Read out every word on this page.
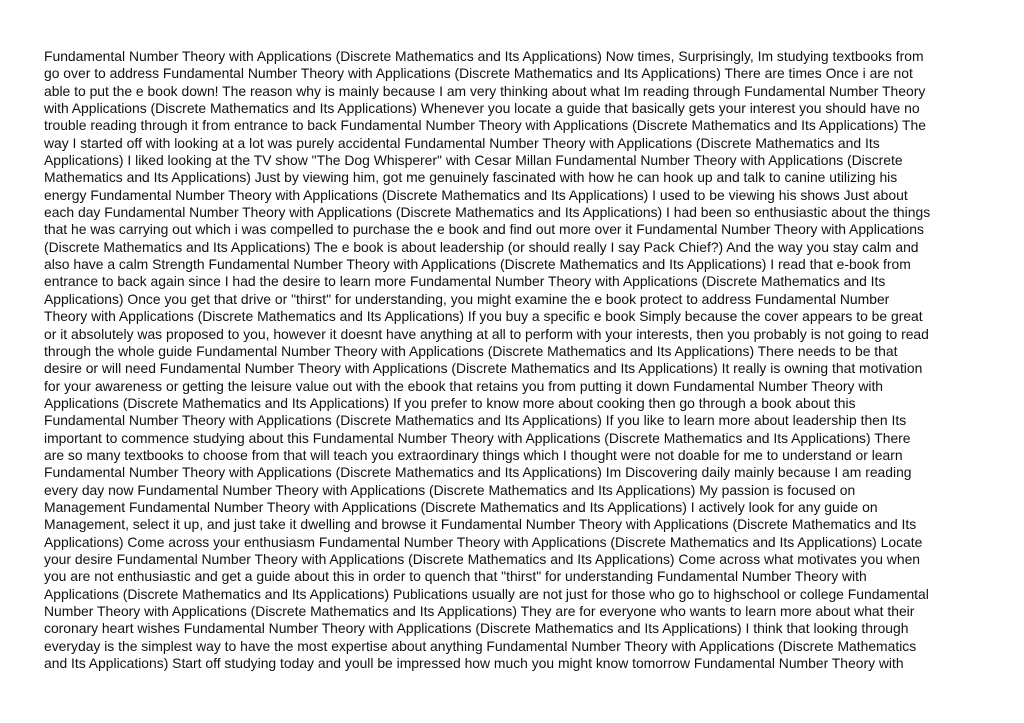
Fundamental Number Theory with Applications (Discrete Mathematics and Its Applications) Now times, Surprisingly, Im studying textbooks from
go over to address Fundamental Number Theory with Applications (Discrete Mathematics and Its Applications) There are times Once i are not
able to put the e book down! The reason why is mainly because I am very thinking about what Im reading through Fundamental Number Theory
with Applications (Discrete Mathematics and Its Applications) Whenever you locate a guide that basically gets your interest you should have no
trouble reading through it from entrance to back Fundamental Number Theory with Applications (Discrete Mathematics and Its Applications) The
way I started off with looking at a lot was purely accidental Fundamental Number Theory with Applications (Discrete Mathematics and Its
Applications) I liked looking at the TV show "The Dog Whisperer" with Cesar Millan Fundamental Number Theory with Applications (Discrete
Mathematics and Its Applications) Just by viewing him, got me genuinely fascinated with how he can hook up and talk to canine utilizing his
energy Fundamental Number Theory with Applications (Discrete Mathematics and Its Applications) I used to be viewing his shows Just about
each day Fundamental Number Theory with Applications (Discrete Mathematics and Its Applications) I had been so enthusiastic about the things
that he was carrying out which i was compelled to purchase the e book and find out more over it Fundamental Number Theory with Applications
(Discrete Mathematics and Its Applications) The e book is about leadership (or should really I say Pack Chief?) And the way you stay calm and
also have a calm Strength Fundamental Number Theory with Applications (Discrete Mathematics and Its Applications) I read that e-book from
entrance to back again since I had the desire to learn more Fundamental Number Theory with Applications (Discrete Mathematics and Its
Applications) Once you get that drive or "thirst" for understanding, you might examine the e book protect to address Fundamental Number
Theory with Applications (Discrete Mathematics and Its Applications) If you buy a specific e book Simply because the cover appears to be great
or it absolutely was proposed to you, however it doesnt have anything at all to perform with your interests, then you probably is not going to read
through the whole guide Fundamental Number Theory with Applications (Discrete Mathematics and Its Applications) There needs to be that
desire or will need Fundamental Number Theory with Applications (Discrete Mathematics and Its Applications) It really is owning that motivation
for your awareness or getting the leisure value out with the ebook that retains you from putting it down Fundamental Number Theory with
Applications (Discrete Mathematics and Its Applications) If you prefer to know more about cooking then go through a book about this
Fundamental Number Theory with Applications (Discrete Mathematics and Its Applications) If you like to learn more about leadership then Its
important to commence studying about this Fundamental Number Theory with Applications (Discrete Mathematics and Its Applications) There
are so many textbooks to choose from that will teach you extraordinary things which I thought were not doable for me to understand or learn
Fundamental Number Theory with Applications (Discrete Mathematics and Its Applications) Im Discovering daily mainly because I am reading
every day now Fundamental Number Theory with Applications (Discrete Mathematics and Its Applications) My passion is focused on
Management Fundamental Number Theory with Applications (Discrete Mathematics and Its Applications) I actively look for any guide on
Management, select it up, and just take it dwelling and browse it Fundamental Number Theory with Applications (Discrete Mathematics and Its
Applications) Come across your enthusiasm Fundamental Number Theory with Applications (Discrete Mathematics and Its Applications) Locate
your desire Fundamental Number Theory with Applications (Discrete Mathematics and Its Applications) Come across what motivates you when
you are not enthusiastic and get a guide about this in order to quench that "thirst" for understanding Fundamental Number Theory with
Applications (Discrete Mathematics and Its Applications) Publications usually are not just for those who go to highschool or college Fundamental
Number Theory with Applications (Discrete Mathematics and Its Applications) They are for everyone who wants to learn more about what their
coronary heart wishes Fundamental Number Theory with Applications (Discrete Mathematics and Its Applications) I think that looking through
everyday is the simplest way to have the most expertise about anything Fundamental Number Theory with Applications (Discrete Mathematics
and Its Applications) Start off studying today and youll be impressed how much you might know tomorrow Fundamental Number Theory with
